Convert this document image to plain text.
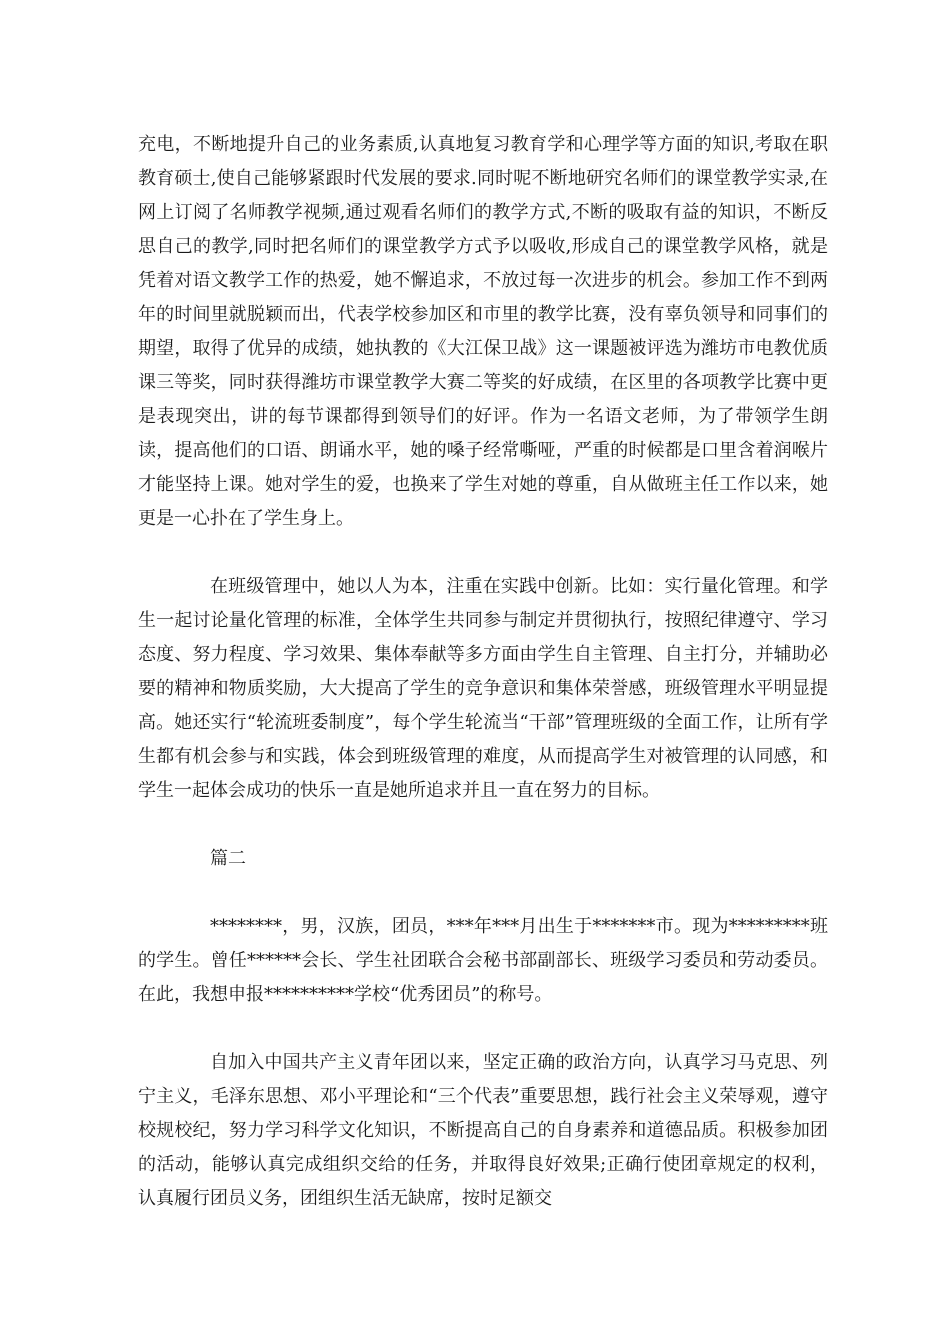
充电，不断地提升自己的业务素质,认真地复习教育学和心理学等方面的知识,考取在职教育硕士,使自己能够紧跟时代发展的要求.同时呢不断地研究名师们的课堂教学实录,在网上订阅了名师教学视频,通过观看名师们的教学方式,不断的吸取有益的知识，不断反思自己的教学,同时把名师们的课堂教学方式予以吸收,形成自己的课堂教学风格，就是凭着对语文教学工作的热爱，她不懈追求，不放过每一次进步的机会。参加工作不到两年的时间里就脱颖而出，代表学校参加区和市里的教学比赛，没有辜负领导和同事们的期望，取得了优异的成绩，她执教的《大江保卫战》这一课题被评选为潍坊市电教优质课三等奖，同时获得潍坊市课堂教学大赛二等奖的好成绩，在区里的各项教学比赛中更是表现突出，讲的每节课都得到领导们的好评。作为一名语文老师，为了带领学生朗读，提高他们的口语、朗诵水平，她的嗓子经常嘶哑，严重的时候都是口里含着润喉片才能坚持上课。她对学生的爱，也换来了学生对她的尊重，自从做班主任工作以来，她更是一心扑在了学生身上。

在班级管理中，她以人为本，注重在实践中创新。比如：实行量化管理。和学生一起讨论量化管理的标准，全体学生共同参与制定并贯彻执行，按照纪律遵守、学习态度、努力程度、学习效果、集体奉献等多方面由学生自主管理、自主打分，并辅助必要的精神和物质奖励，大大提高了学生的竞争意识和集体荣誉感，班级管理水平明显提高。她还实行“轮流班委制度”，每个学生轮流当“干部”管理班级的全面工作，让所有学生都有机会参与和实践，体会到班级管理的难度，从而提高学生对被管理的认同感，和学生一起体会成功的快乐一直是她所追求并且一直在努力的目标。

篇二

********，男，汉族，团员，***年***月出生于*******市。现为*********班的学生。曾任******会长、学生社团联合会秘书部副部长、班级学习委员和劳动委员。在此，我想申报**********学校“优秀团员”的称号。

自加入中国共产主义青年团以来，坚定正确的政治方向，认真学习马克思、列宁主义，毛泽东思想、邓小平理论和“三个代表”重要思想，践行社会主义荣辱观，遵守校规校纪，努力学习科学文化知识，不断提高自己的自身素养和道德品质。积极参加团的活动，能够认真完成组织交给的任务，并取得良好效果;正确行使团章规定的权利，认真履行团员义务，团组织生活无缺席，按时足额交
